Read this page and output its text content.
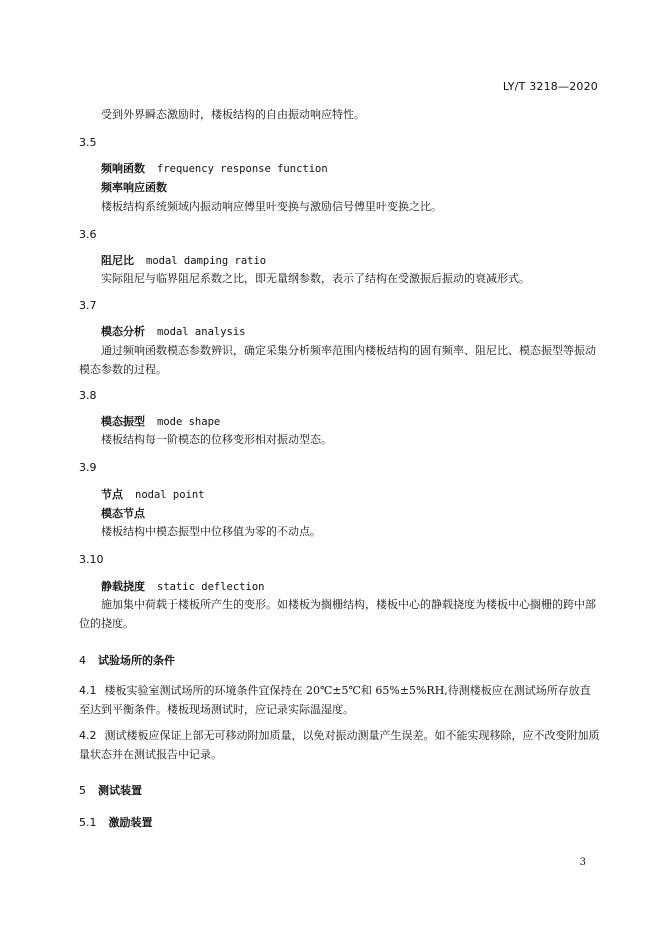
LY/T 3218—2020
受到外界瞬态激励时，楼板结构的自由振动响应特性。
3.5
频响函数 frequency response function
频率响应函数
楼板结构系统频域内振动响应傅里叶变换与激励信号傅里叶变换之比。
3.6
阻尼比 modal damping ratio
实际阻尼与临界阻尼系数之比，即无量纲参数，表示了结构在受激振后振动的衰减形式。
3.7
模态分析 modal analysis
通过频响函数模态参数辨识，确定采集分析频率范围内楼板结构的固有频率、阻尼比、模态振型等振动模态参数的过程。
3.8
模态振型 mode shape
楼板结构每一阶模态的位移变形相对振动型态。
3.9
节点 nodal point
模态节点
楼板结构中模态振型中位移值为零的不动点。
3.10
静载挠度 static deflection
施加集中荷载于楼板所产生的变形。如楼板为搁栅结构，楼板中心的静载挠度为楼板中心搁栅的跨中部位的挠度。
4 试验场所的条件
4.1 楼板实验室测试场所的环境条件宜保持在 20℃±5℃和 65%±5%RH,待测楼板应在测试场所存放直至达到平衡条件。楼板现场测试时，应记录实际温湿度。
4.2 测试楼板应保证上部无可移动附加质量，以免对振动测量产生误差。如不能实现移除，应不改变附加质量状态并在测试报告中记录。
5 测试装置
5.1 激励装置
3
